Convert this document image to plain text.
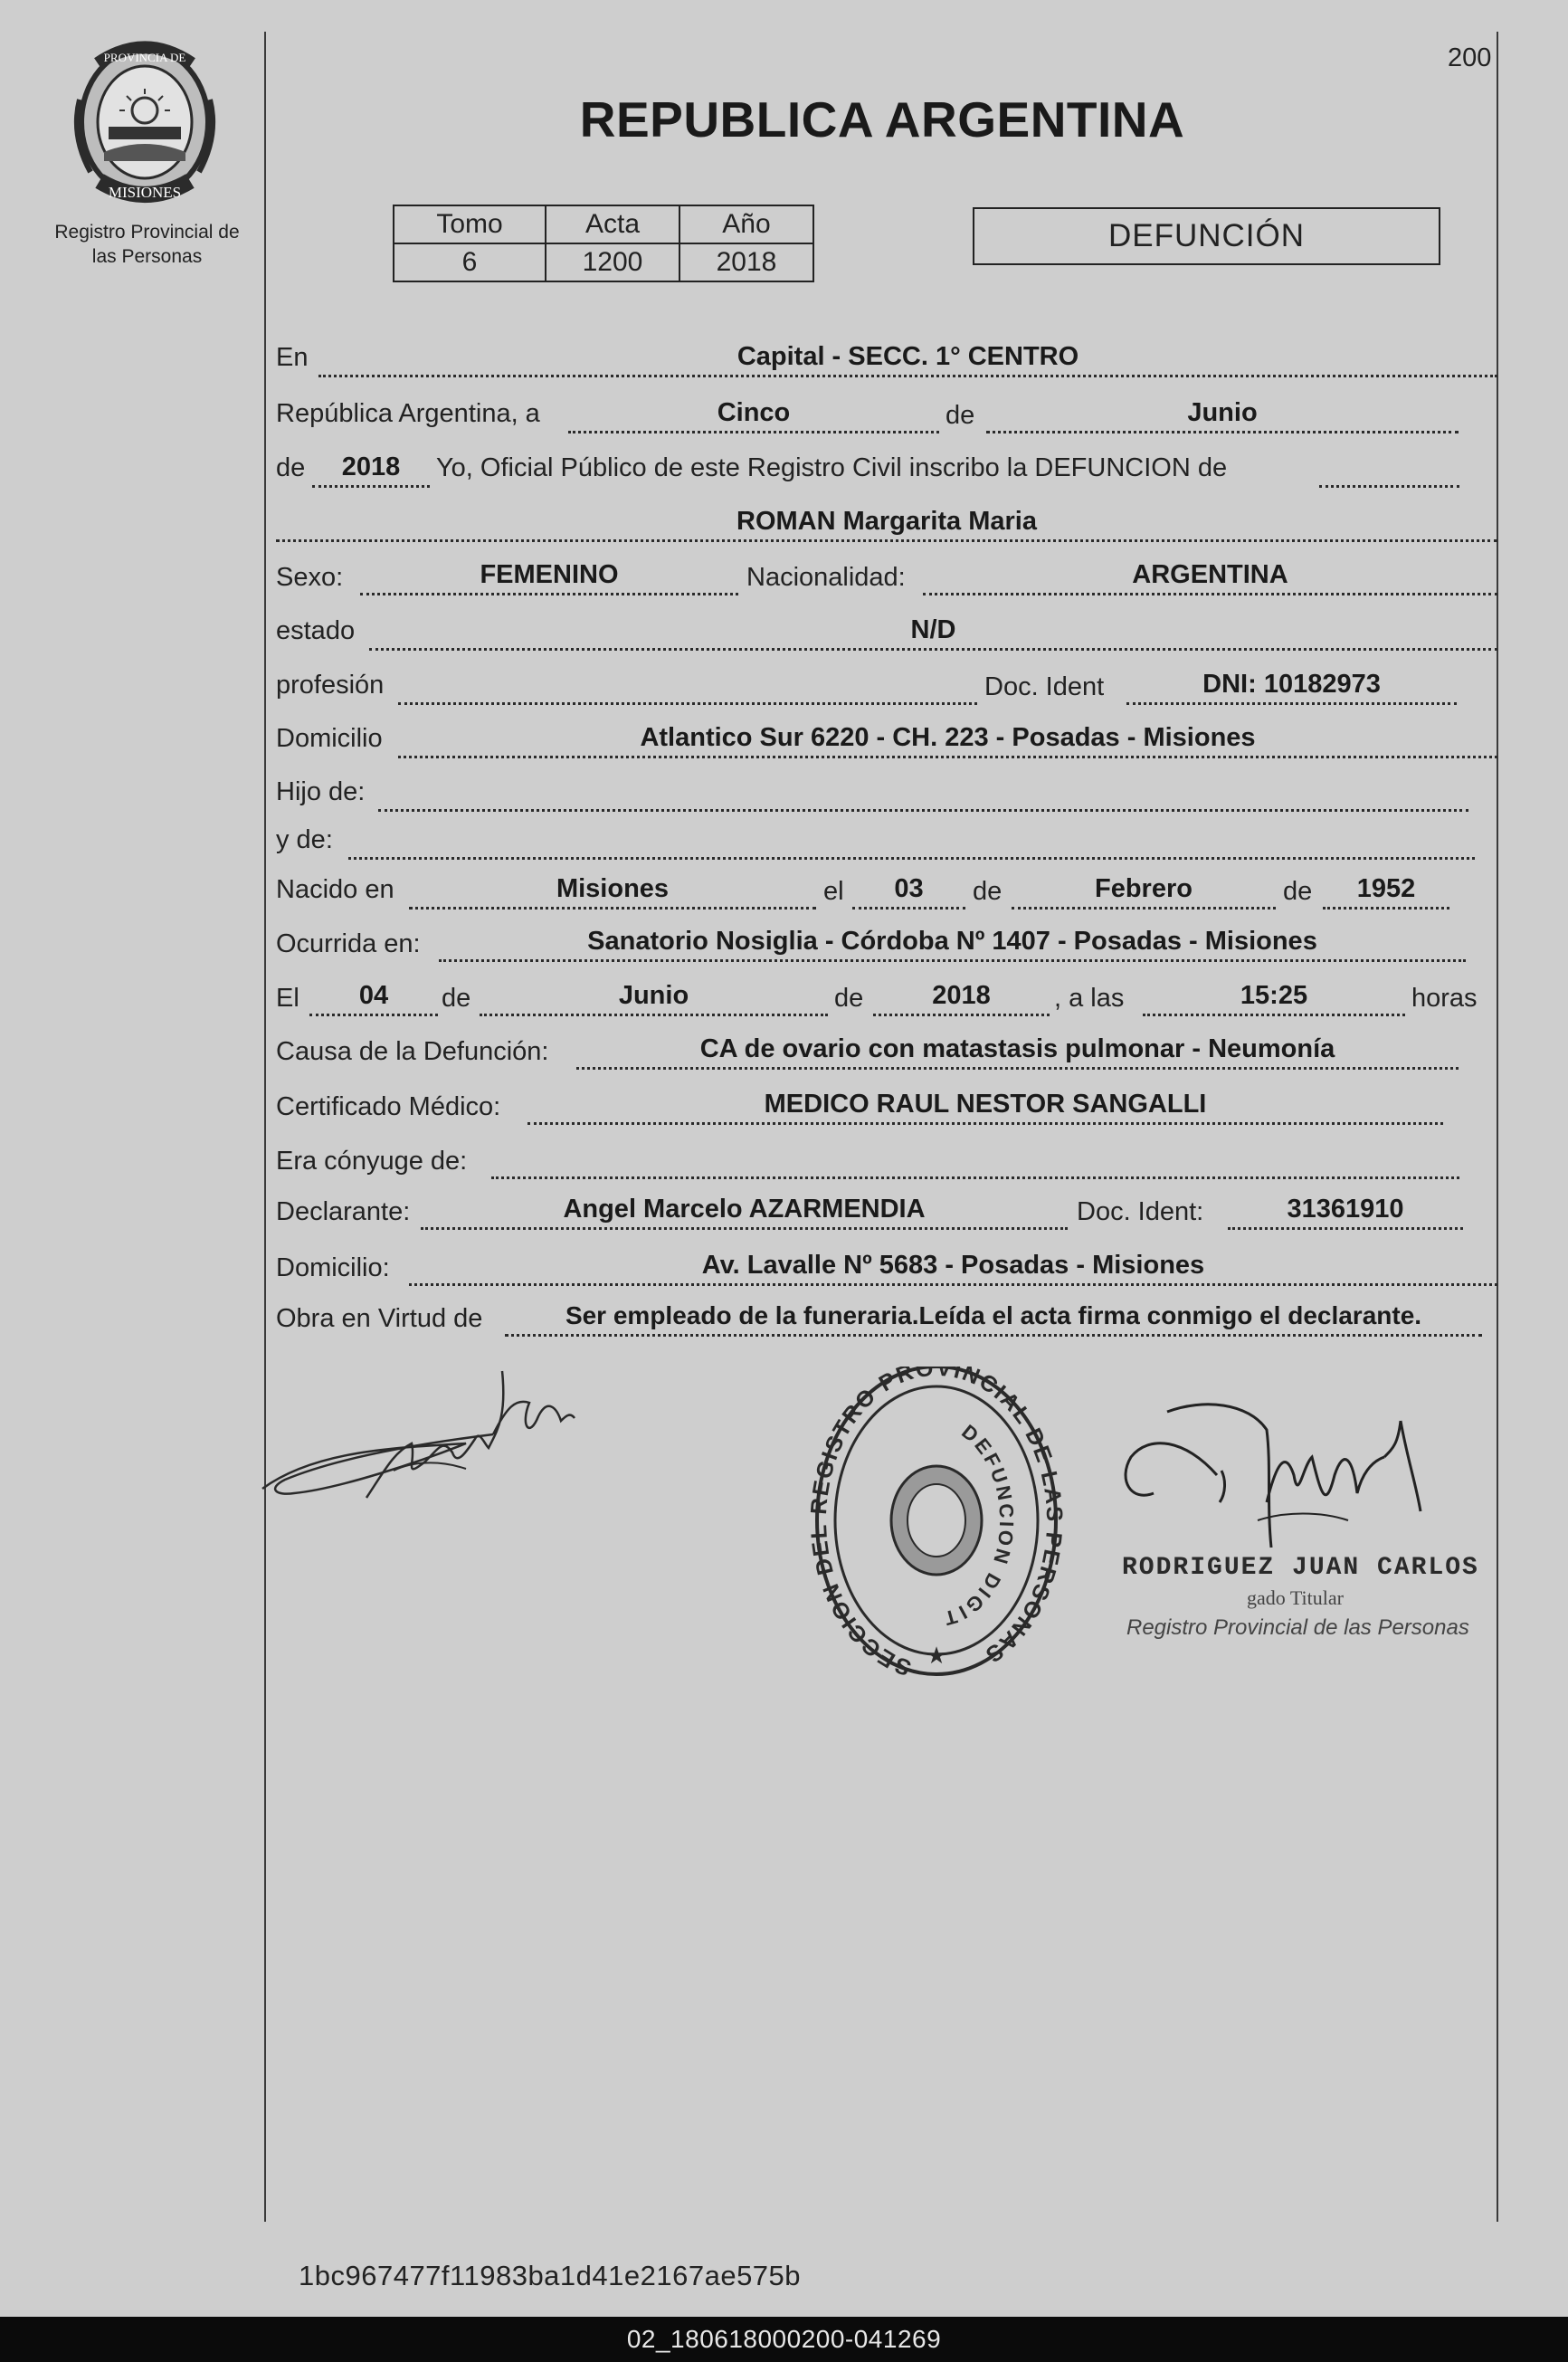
PROVINCIA DE
MISIONES
Registro Provincial de
las Personas
200
REPUBLICA ARGENTINA
Tomo	Acta	Año
6	1200	2018
DEFUNCIÓN
En	Capital - SECC. 1° CENTRO
República Argentina, a	Cinco	de	Junio
de	2018	Yo, Oficial Público de este Registro Civil inscribo la DEFUNCION de
ROMAN Margarita Maria
Sexo:	FEMENINO	Nacionalidad:	ARGENTINA
estado	N/D
profesión	Doc. Ident	DNI: 10182973
Domicilio	Atlantico Sur 6220 - CH. 223 - Posadas - Misiones
Hijo de:
y de:
Nacido en	Misiones	el	03	de	Febrero	de	1952
Ocurrida en:	Sanatorio Nosiglia - Córdoba Nº 1407 - Posadas - Misiones
El	04	de	Junio	de	2018	, a las	15:25	horas
Causa de la Defunción:	CA de ovario con matastasis pulmonar - Neumonía
Certificado Médico:	MEDICO RAUL NESTOR SANGALLI
Era cónyuge de:
Declarante:	Angel Marcelo AZARMENDIA	Doc. Ident:	31361910
Domicilio:	Av. Lavalle Nº 5683 - Posadas - Misiones
Obra en Virtud de	Ser empleado de la funeraria.Leída el acta firma conmigo el declarante.
SECCION DE EGISTRO PROVINCIAL DE L ERSONAS
DEFUNCION DIGIT
★
RODRIGUEZ JUAN CARLOS
gado Titular
Registro Provincial de las Personas
1bc967477f11983ba1d41e2167ae575b
02_180618000200-041269
